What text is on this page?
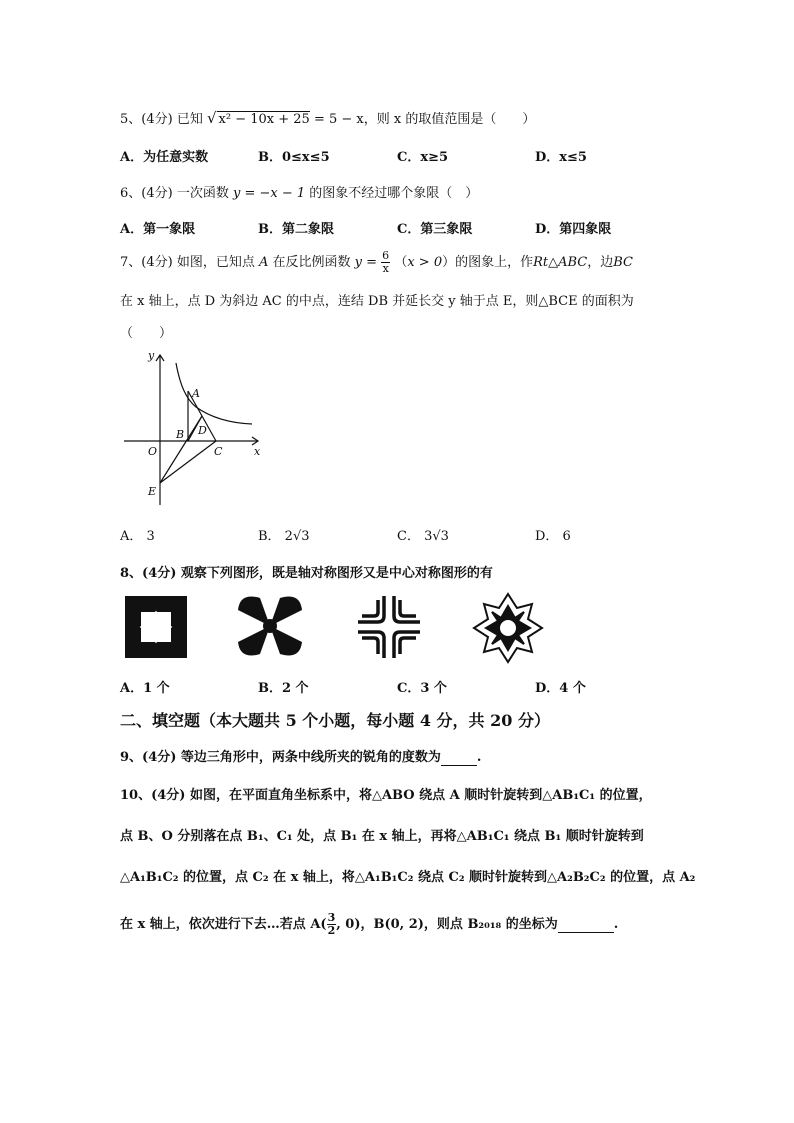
5、(4分) 已知 √ x² − 10x + 25 = 5 − x，则 x 的取值范围是（　　）
A．为任意实数	B．0≤x≤5	C．x≥5	D．x≤5
6、(4分) 一次函数 y = −x − 1 的图象不经过哪个象限（　）
A．第一象限	B．第二象限	C．第三象限	D．第四象限
7、(4分) 如图，已知点 A 在反比例函数 $y = \frac{6}{x} (x > 0)$的图象上，作Rt△ABC，边BC
在 x 轴上，点 D 为斜边 AC 的中点，连结 DB 并延长交 y 轴于点 E，则△BCE 的面积为
（　　）
y
A
D
O
B
C	x
E
A． 3	B． 2√3	C． 3√3	D． 6
8、(4分) 观察下列图形，既是轴对称图形又是中心对称图形的有
A．1 个	B．2 个	C．3 个	D．4 个
二、填空题（本大题共 5 个小题，每小题 4 分，共 20 分）
9、(4分) 等边三角形中，两条中线所夹的锐角的度数为	.
10、(4分) 如图，在平面直角坐标系中，将△ABO 绕点 A 顺时针旋转到△AB₁C₁ 的位置，
点 B、O 分别落在点 B₁、C₁ 处，点 B₁ 在 x 轴上，再将△AB₁C₁ 绕点 B₁ 顺时针旋转到
△A₁B₁C₂ 的位置，点 C₂ 在 x 轴上，将△A₁B₁C₂ 绕点 C₂ 顺时针旋转到△A₂B₂C₂ 的位置，点 A₂
在 x 轴上，依次进行下去…若点 $A( \frac{3}{2}$ , 0)，B(0, 2)，则点 B₂₀₁₈ 的坐标为	.
